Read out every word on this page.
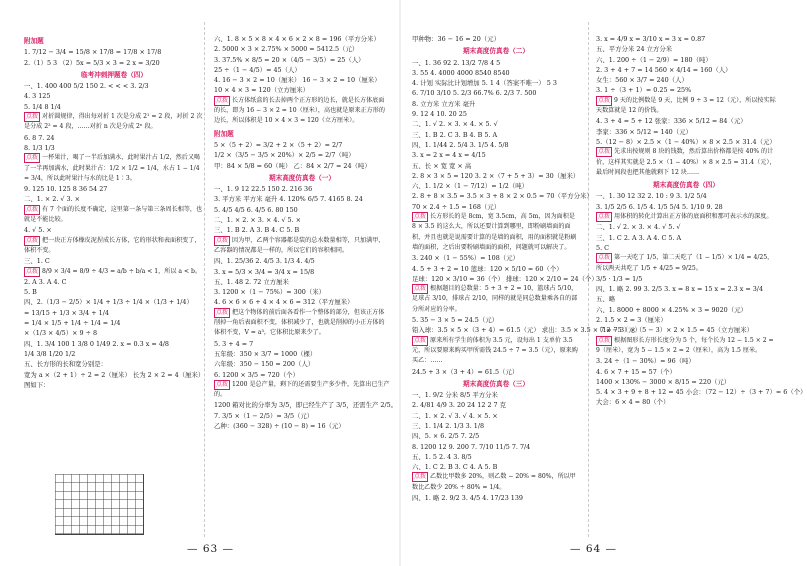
附加题
1. 7/12 − 3/4 = 15/8 × 17/8 = 17/8 × 17/8
2.（1）5 3 （2）5x = 5/3 × 3 = 2 x = 3/20
临考冲刺押题卷（四）
一、1. 400 400 5/2 150 2. < < < 3. 2/3
4. 3 125
5. 1/4 8 1/4
点拨 对折圆规律，得出每对折 1 次是分成 2¹ = 2 段，对折 2 次是分成 2² = 4 段，……对折 n 次是分成 2ⁿ 段。
6. 8 7. 24
8. 1/3 1/3
点拨 一杯果汁，喝了一半后加满水，此时果汁占 1/2，然后又喝了一半再加满水，此时果汁占：1/2 × 1/2 = 1/4，水占 1 − 1/4 = 3/4，所以此时果汁与水的比是 1∶3。
9. 125 10. 125 8 36 54 27
二、1. × 2. √ 3. ×
点拨 有 7 个面的长度不确定，这里第一条与第三条周长相等，也就是不能比较。
4. √ 5. ×
点拨 把一块正方体橡皮泥捏成长方体，它的形状和表面积变了，体积不变。
三、1. C
点拨 8/9 × 3/4 = 8/9 ÷ 4/3 = a/b ÷ b/a < 1，所以 a < b。
2. A 3. A 4. C
5. B
四、2.（1/3 − 2/5）× 1/4 + 1/3 ÷ 1/4 ×（1/3 + 1/4）
= 13/15 + 1/3 × 3/4 + 1/4
= 1/4 × 1/5 + 1/4 ÷ 1/4 = 1/4
×（1/3 × 4/5）× 9 ÷ 8
四、1. 3/4 100 1 3/8 0 1/49 2. x = 0.3 x = 4/8
1/4 3/8 1/20 1/2
五、长方形的长和宽分别是：
宽为 a ×（2 + 1）÷ 2 = 2（厘米） 长为 2 × 2 = 4（厘米）
图如下：
六、1. 8 × 5 × 8 × 4 × 6 × 2 × 8 = 196（平方分米）
2. 5000 × 3 × 2.75% × 5000 = 5412.5（元）
3. 37.5% × 8/5 = 20 ×（4/5 − 3/5）= 25（人）
25 ÷（1 − 4/5）= 45（人）
4. 16 − 3 × 2 = 10（厘米） 16 − 3 × 2 = 10（厘米）
10 × 4 × 3 = 120（立方厘米）
点拨 长方体纸盒的长去掉两个正方形的边长，就是长方体底面的长，即为 16 − 3 × 2 = 10（厘米），高也就是原来正方形的边长，所以体积是 10 × 4 × 3 = 120（立方厘米）。
附加题
5 ×（5 + 2）= 3/2 + 2 ×（5 + 2）= 2/7
1/2 ×（3/5 − 3/5 × 20%）× 2/5 = 2/7（吨）
甲：84 × 5/8 = 60（吨） 乙：84 × 2/7 = 24（吨）
期末高度仿真卷（一）
一、1. 9 12 22.5 150 2. 216 36
3. 平方米 平方米 毫升 4. 120% 6/5 7. 4165 8. 24
5. 4/5 4/5 6. 4/5 6. 80 150
二、1. × 2. × 3. × 4. √ 5. ×
三、1. B 2. A 3. B 4. C 5. B
点拨 因为甲，乙两个容器都是装的总水数量相等，只加满甲、乙容器的情况都是一样的，所以它们的容积相同。
四、1. 25/36 2. 4/5 3. 1/3 4. 4/5
3. x = 5/3 × 3/4 = 3/4 x = 15/8
五、1. 48 2. 72 立方厘米
3. 1200 ×（1 − 75%）= 300（米）
4. 6 × 6 × 6 + 4 × 4 × 6 = 312（平方厘米）
点拨 把这个物体的前后面各看作一个整体的部分，但该正方体削掉一角后表面积不变，体积减少了，也就是削掉的小正方体的体积不变，V = a³，它体积比原来少了。
5. 3 + 4 = 7
五年级：350 × 3/7 = 1000（棵）
六年级：350 − 150 = 200（人）
6. 1200 × 3/5 = 720（个）
点拨 1200 是总产量，剩下的还需要生产多少件，先算出已生产的。
1200 箱对比的分率为 3/5，即已经生产了 3/5，还需生产 2/5。
7. 3/5 ×（1 − 2/5）= 3/5（元）
乙种：(360 − 328) ÷ (10 − 8) = 16（元）
甲种物：36 − 16 = 20（元）
期末高度仿真卷（二）
一、1. 36 92 2. 13/2 7/8 4 5
3. 55 4. 4000 4000 8540 8540
4. 计划 实际比计划增加 5. 1 4（答案不唯一） 5 3
6. 7/10 3/10 5. 2/3 66.7% 6. 2/3 7. 500
8. 立方米 立方米 毫升
9. 12 4 10. 20 25
二、1. √ 2. × 3. × 4. × 5. √
三、1. B 2. C 3. B 4. B 5. A
四、1. 1/44 2. 5/4 3. 1/5 4. 5/8
3. x = 2 x = 4 x = 4/15
五、长 × 宽 宽 × 高
2. 8 × 3 × 5 = 120 3. 2 ×（7 + 5 + 3）= 30（厘米）
六、1. 1/2 ×（1 − 7/12）= 1/2（吨）
2. 8 + 8 × 3.5 = 3.5 × 3 + 8 × 2 × 0.5 = 70（平方分米）
70 × 2.4 ÷ 1.5 = 168（元）
点拨 长方形长的是 8cm，宽 3.5cm，高 5m，因为面积是 8 × 3.5 的这么大，所以还要计算到哪里，即粉刷墙面的面积，并且也就是说需要计算的是墙的面积，用的面积就是粉刷墙的面积，之后出要粉刷墙面的面积，问题就可以解决了。
3. 240 ×（1 − 55%）= 108（元）
4. 5 + 3 + 2 = 10 篮球：120 × 5/10 = 60（个）
足球：120 × 3/10 = 36（个） 排球：120 × 2/10 = 24（个）
点拨 根据题目的总数量：5 + 3 + 2 = 10，篮球占 5/10，足球占 3/10，排球占 2/10，同样的就是同总数量乘各自的部分所对应的分率。
5. 35 − 3 × 5 = 24.5（元）
铅入球：3.5 × 5 ×（3 + 4）= 61.5（元） 求出：3.5 × 3.5 × 7 = 75（元）
点拨 原来所有学生的体积为 3.5 元，设每出 1 支单价 3.5 元，所以要原来购买甲所需钱 24.5 ÷ 7 = 3.5（元），原来购买乙：……
24.5 + 3 ×（3 + 4）= 61.5（元）
期末高度仿真卷（三）
一、1. 9/2 分米 8/5 平方分米
2. 4/81 4/9 3. 20 24 12 2 7 克
二、1. × 2. √ 3. √ 4. × 5. ×
三、1. 1/4 2. 1/3 3. 1/8
四、5. × 6. 2/5 7. 2/5
8. 1200 12 9. 200 7. 7/10 11/5 7. 7/4
五、1. 5 2. 4 3. 8/5
六、1. C 2. B 3. C 4. A 5. B
点拨 乙数比甲数多 20%，则乙数 − 20% = 80%，所以甲数比乙数少 20% ÷ 80% = 1/4。
四、1. 略 2. 9/2 3. 4/5 4. 17/23 139
3. x = 4/9 x = 3/10 x = 3 x = 0.87
五、平方分米 24 立方分米
六、1. 200 ÷（1 − 2/9）= 180（吨）
2. 3 + 4 + 7 = 14 560 × 4/14 = 160（人）
女生：560 × 3/7 = 240（人）
3. 1 ÷（3 + 1）= 0.25 = 25%
点拨 9 天的比例数是 9 天，比例 9 ÷ 3 = 12（元），所以按实际天数算就是 12 的价钱。
4. 3 + 4 = 5 + 12 张家：336 × 5/12 = 84（元）
李家：336 × 5/12 = 140（元）
5.（12 − 8）× 2.5 ×（1 − 40%）× 8 × 2.5 × 31.4（元）
点拨 先求出按规则 8 块的钱数，然后算出价格都是按 40% 的计价，这样其实就是 2.5 ×（1 − 40%）× 8 × 2.5 = 31.4（元），最后时间段也把其他就剩下 12 块……
期末高度仿真卷（四）
一、1. 30 12 32 2. 10 : 9 3. 1/2 5/4
3. 1/5 2/5 6. 1/5 4. 1/5 5/4 5. 1/10 9. 28
点拨 用体积的转化计算出正方体的底面积和那可表示水的深度。
二、1. √ 2. × 3. × 4. √ 5. √
三、1. C 2. A 3. A 4. C 5. A
5. C
点拨 第一天吃了 1/5，第二天吃了（1 − 1/5）× 1/4 = 4/25，所以两天共吃了 1/5 + 4/25 = 9/25。
3/5 · 1/3 = 1/5
四、1. 略 2. 99 3. 2/5 3. x = 8 x = 15 x = 2.3 x = 3/4
五、略
六、1. 8000 + 8000 × 4.25% × 3 = 9020（元）
2. 1.5 × 2 = 3（厘米）
（12 − 3）×（5 − 3）× 2 × 1.5 = 45（立方厘米）
点拨 根据图形长方形长度分为 5 个，每个长为 12 − 1.5 × 2 = 9（厘米），宽为 5 − 1.5 × 2 = 2（厘米），高为 1.5 厘米。
3. 24 ÷（1 − 30%）= 96（吨）
4. 6 × 7 + 15 = 57（个）
1400 × 130% − 3000 × 8/15 = 220（元）
5. 4 × 3 + 9 + 8 + 12 = 45 小会：（72 − 12）÷（3 + 7）= 6（个）
大会：6 × 4 = 80（个）
— 63 —	— 64 —
